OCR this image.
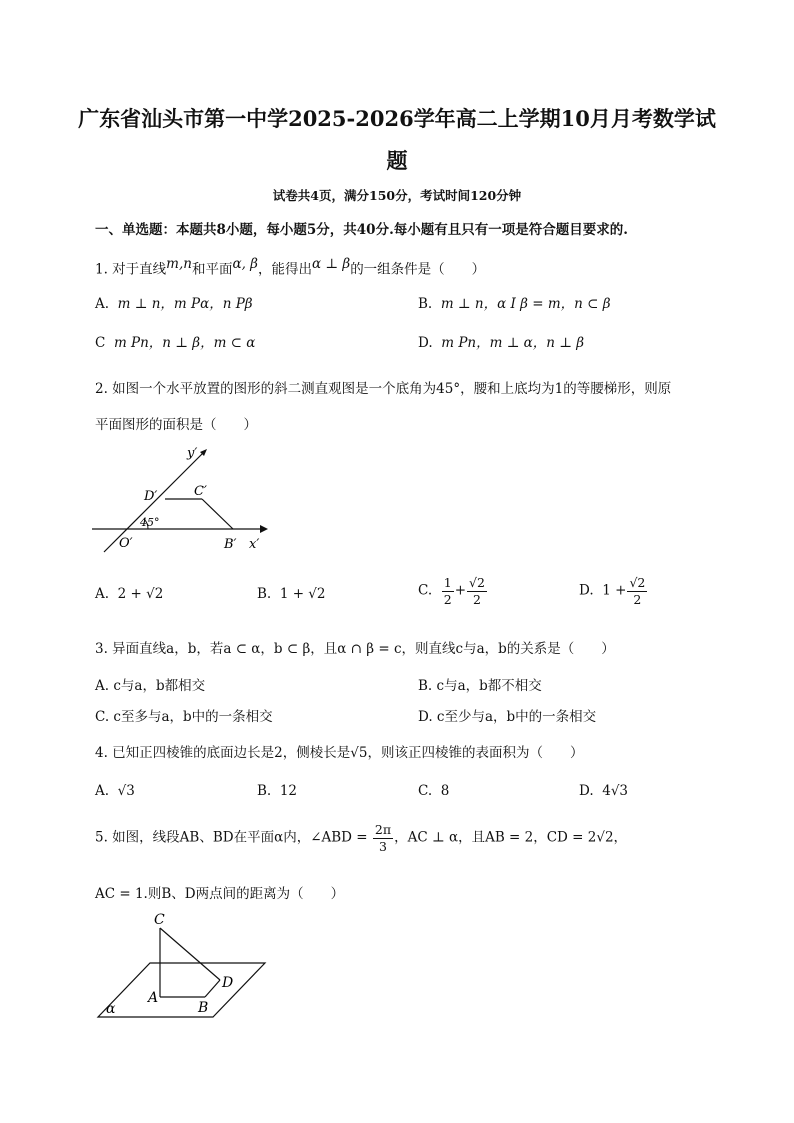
广东省汕头市第一中学2025-2026学年高二上学期10月月考数学试
题
试卷共4页，满分150分，考试时间120分钟
一、单选题：本题共8小题，每小题5分，共40分.每小题有且只有一项是符合题目要求的.
1. 对于直线$^{m,n}$和平面$^{\alpha, \beta}$，能得出$^{\alpha \perp \beta}$的一组条件是（　　）
A. m ⊥ n，m Pα，n Pβ	B. m ⊥ n，α I β = m，n ⊂ β
C m Pn，n ⊥ β，m ⊂ α	D. m Pn，m ⊥ α，n ⊥ β
2. 如图一个水平放置的图形的斜二测直观图是一个底角为45°，腰和上底均为1的等腰梯形，则原
平面图形的面积是（　　）
y′
D′	C′
45°
O′	B′ x′
A. 2 + √2	B. 1 + √2	C. $\frac{1}{2} + \frac{√2}{2}$	D. $1 + \frac{√2}{2}$
3. 异面直线a，b，若a ⊂ α，b ⊂ β，且α ∩ β = c，则直线c与a，b的关系是（　　）
A. c与a，b都相交	B. c与a，b都不相交
C. c至多与a，b中的一条相交	D. c至少与a，b中的一条相交
4. 已知正四棱锥的底面边长是2，侧棱长是√5，则该正四棱锥的表面积为（　　）
A. √3	B. 12	C. 8	D. 4√3
5. 如图，线段AB、BD在平面α内，∠ABD = $\frac{2\pi}{3}$ ，AC ⊥ α，且AB = 2，CD = 2√2，
AC = 1.则B、D两点间的距离为（　　）
C
A
B
D
α
